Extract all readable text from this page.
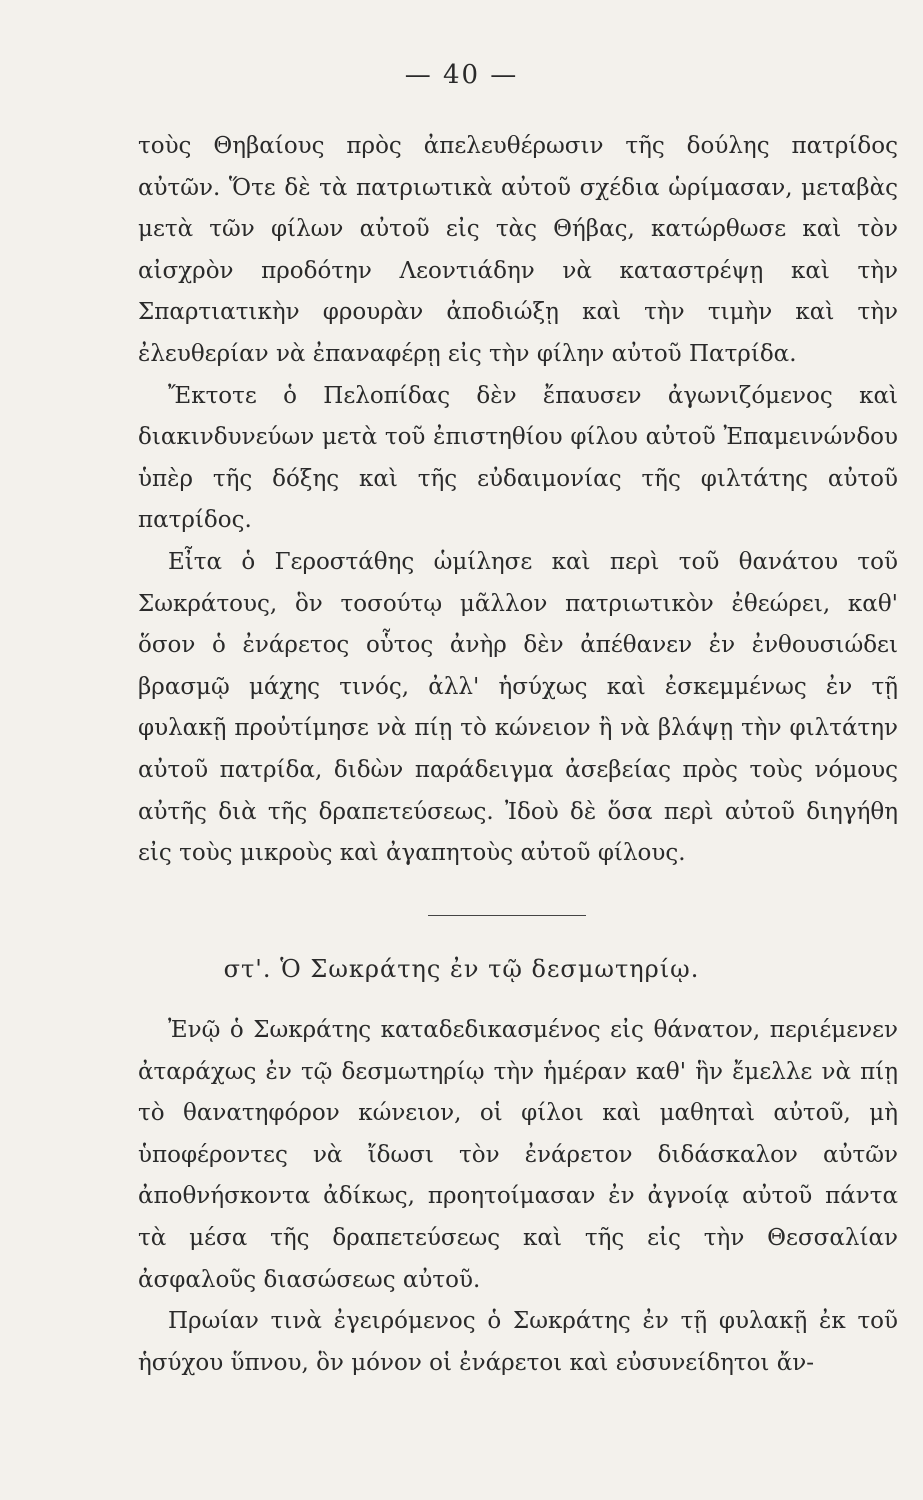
— 40 —

τοὺς Θηβαίους πρὸς ἀπελευθέρωσιν τῆς δούλης πατρίδος αὐτῶν. Ὅτε δὲ τὰ πατριωτικὰ αὐτοῦ σχέδια ὡρίμασαν, μεταβὰς μετὰ τῶν φίλων αὐτοῦ εἰς τὰς Θήβας, κατώρθωσε καὶ τὸν αἰσχρὸν προδότην Λεοντιάδην νὰ καταστρέψῃ καὶ τὴν Σπαρτιατικὴν φρουρὰν ἀποδιώξῃ καὶ τὴν τιμὴν καὶ τὴν ἐλευθερίαν νὰ ἐπαναφέρῃ εἰς τὴν φίλην αὐτοῦ Πατρίδα.

Ἔκτοτε ὁ Πελοπίδας δὲν ἔπαυσεν ἀγωνιζόμενος καὶ διακινδυνεύων μετὰ τοῦ ἐπιστηθίου φίλου αὐτοῦ Ἐπαμεινώνδου ὑπὲρ τῆς δόξης καὶ τῆς εὐδαιμονίας τῆς φιλτάτης αὐτοῦ πατρίδος.

Εἶτα ὁ Γεροστάθης ὡμίλησε καὶ περὶ τοῦ θανάτου τοῦ Σωκράτους, ὃν τοσούτῳ μᾶλλον πατριωτικὸν ἐθεώρει, καθ' ὅσον ὁ ἐνάρετος οὗτος ἀνὴρ δὲν ἀπέθανεν ἐν ἐνθουσιώδει βρασμῷ μάχης τινός, ἀλλ' ἡσύχως καὶ ἐσκεμμένως ἐν τῇ φυλακῇ προὐτίμησε νὰ πίῃ τὸ κώνειον ἢ νὰ βλάψῃ τὴν φιλτάτην αὐτοῦ πατρίδα, διδὼν παράδειγμα ἀσεβείας πρὸς τοὺς νόμους αὐτῆς διὰ τῆς δραπετεύσεως. Ἰδοὺ δὲ ὅσα περὶ αὐτοῦ διηγήθη εἰς τοὺς μικροὺς καὶ ἀγαπητοὺς αὐτοῦ φίλους.

στ'. Ὁ Σωκράτης ἐν τῷ δεσμωτηρίῳ.

Ἐνῷ ὁ Σωκράτης καταδεδικασμένος εἰς θάνατον, περιέμενεν ἀταράχως ἐν τῷ δεσμωτηρίῳ τὴν ἡμέραν καθ' ἣν ἔμελλε νὰ πίῃ τὸ θανατηφόρον κώνειον, οἱ φίλοι καὶ μαθηταὶ αὐτοῦ, μὴ ὑποφέροντες νὰ ἴδωσι τὸν ἐνάρετον διδάσκαλον αὐτῶν ἀποθνήσκοντα ἀδίκως, προητοίμασαν ἐν ἀγνοίᾳ αὐτοῦ πάντα τὰ μέσα τῆς δραπετεύσεως καὶ τῆς εἰς τὴν Θεσσαλίαν ἀσφαλοῦς διασώσεως αὐτοῦ.

Πρωίαν τινὰ ἐγειρόμενος ὁ Σωκράτης ἐν τῇ φυλακῇ ἐκ τοῦ ἡσύχου ὕπνου, ὃν μόνον οἱ ἐνάρετοι καὶ εὐσυνείδητοι ἄν-
